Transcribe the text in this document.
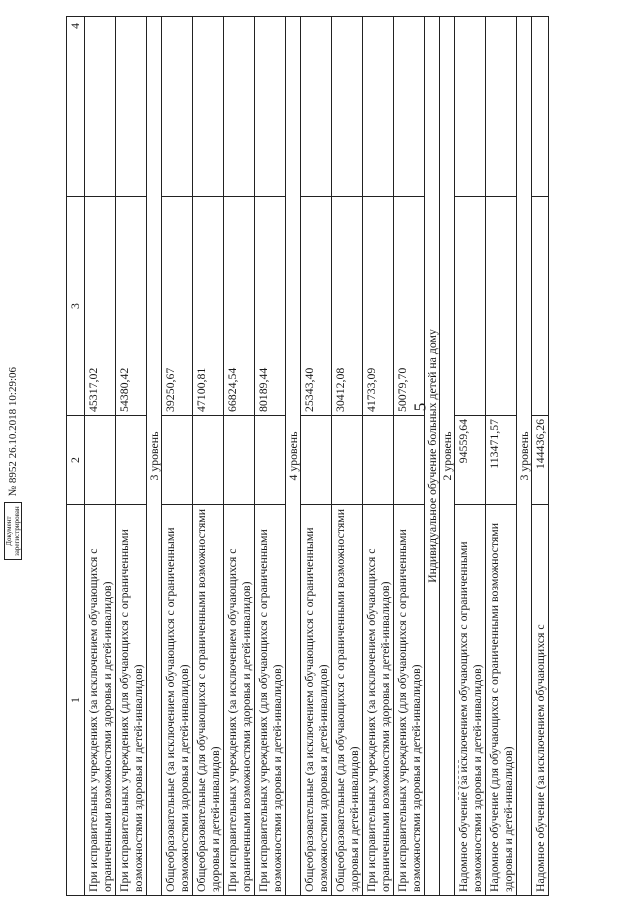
5
1	2	3	4
При исправительных учреждениях (за исключением обучающихся с ограниченными возможностями здоровья и детей-инвалидов)		45317,02	
При исправительных учреждениях (для обучающихся с ограниченными возможностями здоровья и детей-инвалидов)		54380,42	
3 уровень			
Общеобразовательные (за исключением обучающихся с ограниченными возможностями здоровья и детей-инвалидов)		39250,67	
Общеобразовательные (для обучающихся с ограниченными возможностями здоровья и детей-инвалидов)		47100,81	
При исправительных учреждениях (за исключением обучающихся с ограниченными возможностями здоровья и детей-инвалидов)		66824,54	
При исправительных учреждениях (для обучающихся с ограниченными возможностями здоровья и детей-инвалидов)		80189,44	
4 уровень			
Общеобразовательные (за исключением обучающихся с ограниченными возможностями здоровья и детей-инвалидов)		25343,40	
Общеобразовательные (для обучающихся с ограниченными возможностями здоровья и детей-инвалидов)		30412,08	
При исправительных учреждениях (за исключением обучающихся с ограниченными возможностями здоровья и детей-инвалидов)		41733,09	
При исправительных учреждениях (для обучающихся с ограниченными возможностями здоровья и детей-инвалидов)		50079,70	
Индивидуальное обучение больных детей на дому			
2 уровень			
Надомное обучение (за исключением обучающихся с ограниченными возможностями здоровья и детей-инвалидов)	94559,64		
Надомное обучение (для обучающихся с ограниченными возможностями здоровья и детей-инвалидов)	113471,57		
3 уровень			
Надомное обучение (за исключением обучающихся с	144436,26		
Документ
зарегистрирован
№ 8952 26.10.2018 10:29:06
